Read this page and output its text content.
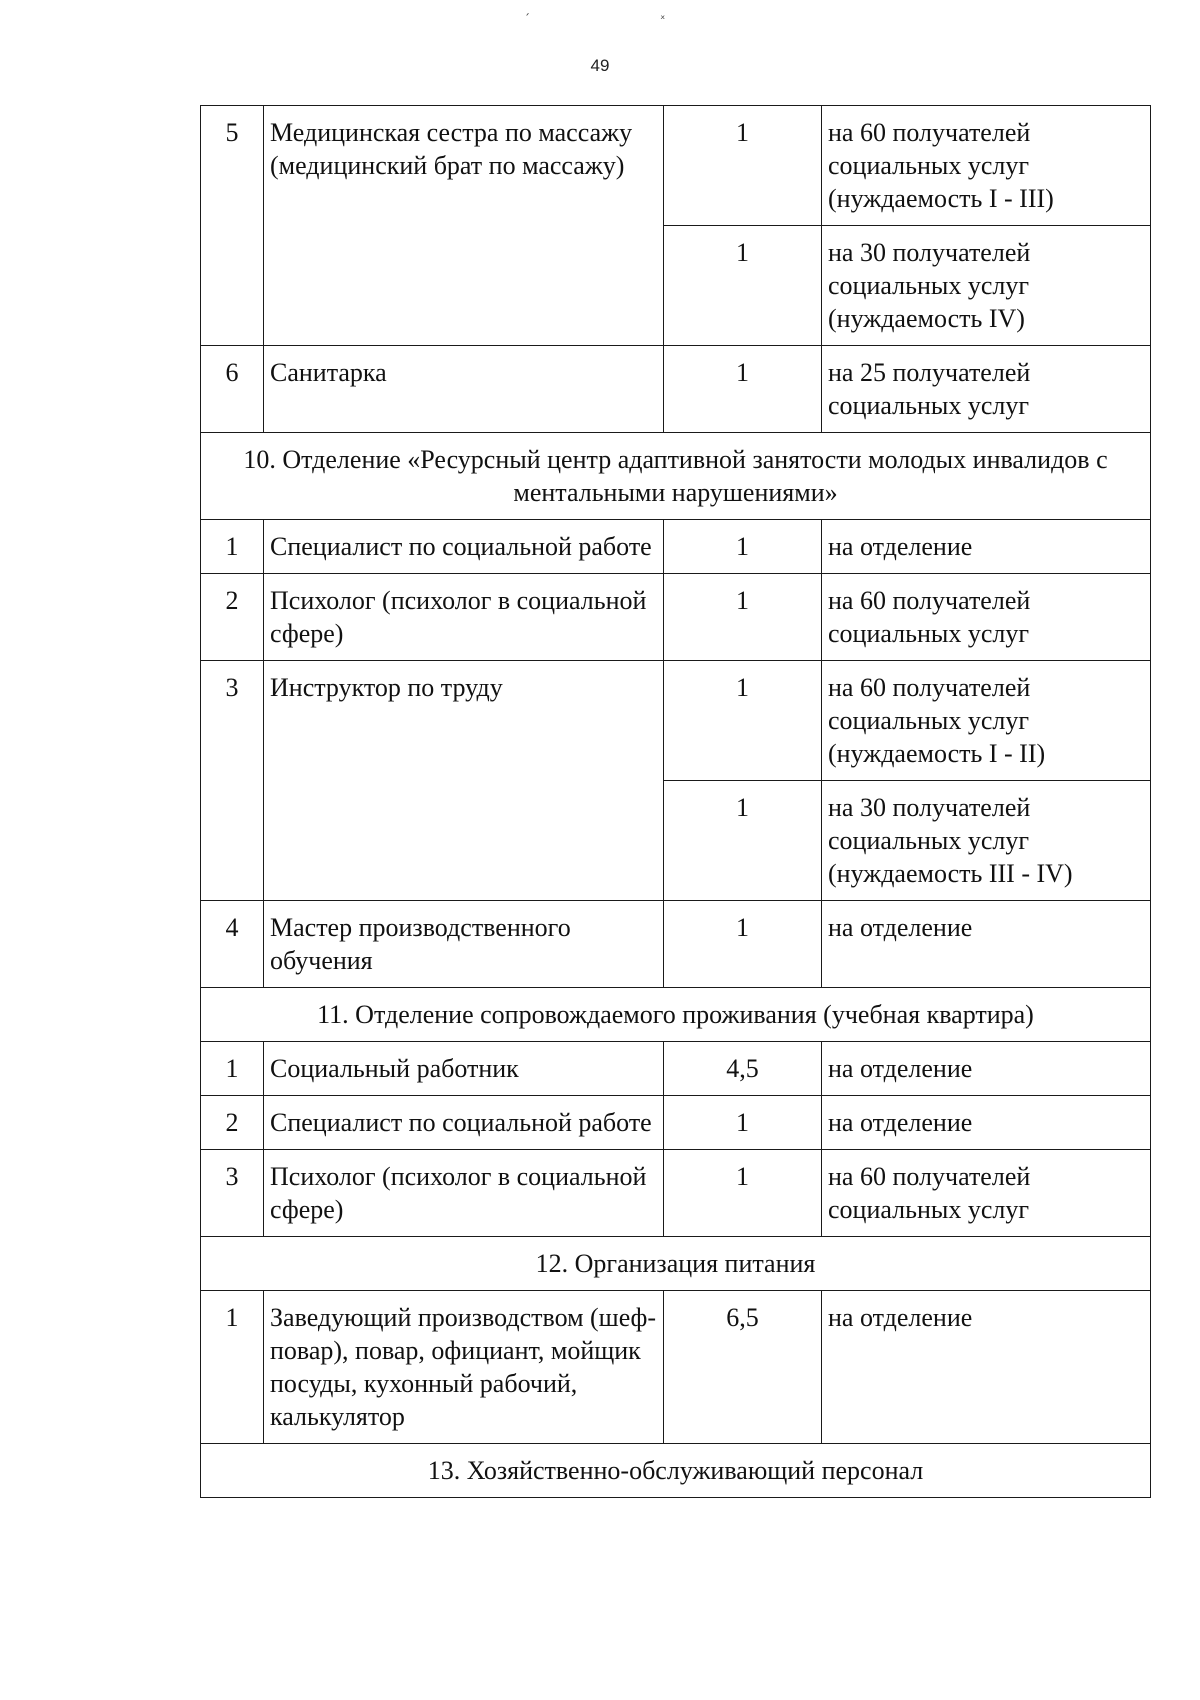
ˊ	ˣ
49
5	Медицинская сестра по массажу (медицинский брат по массажу)	1	на 60 получателей социальных услуг (нуждаемость I - III)
		1	на 30 получателей социальных услуг (нуждаемость IV)
6	Санитарка	1	на 25 получателей социальных услуг
10. Отделение «Ресурсный центр адаптивной занятости молодых инвалидов с ментальными нарушениями»			
1	Специалист по социальной работе	1	на отделение
2	Психолог (психолог в социальной сфере)	1	на 60 получателей социальных услуг
3	Инструктор по труду	1	на 60 получателей социальных услуг (нуждаемость I - II)
		1	на 30 получателей социальных услуг (нуждаемость III - IV)
4	Мастер производственного обучения	1	на отделение
11. Отделение сопровождаемого проживания (учебная квартира)			
1	Социальный работник	4,5	на отделение
2	Специалист по социальной работе	1	на отделение
3	Психолог (психолог в социальной сфере)	1	на 60 получателей социальных услуг
12. Организация питания			
1	Заведующий производством (шеф-повар), повар, официант, мойщик посуды, кухонный рабочий, калькулятор	6,5	на отделение
13. Хозяйственно-обслуживающий персонал			
